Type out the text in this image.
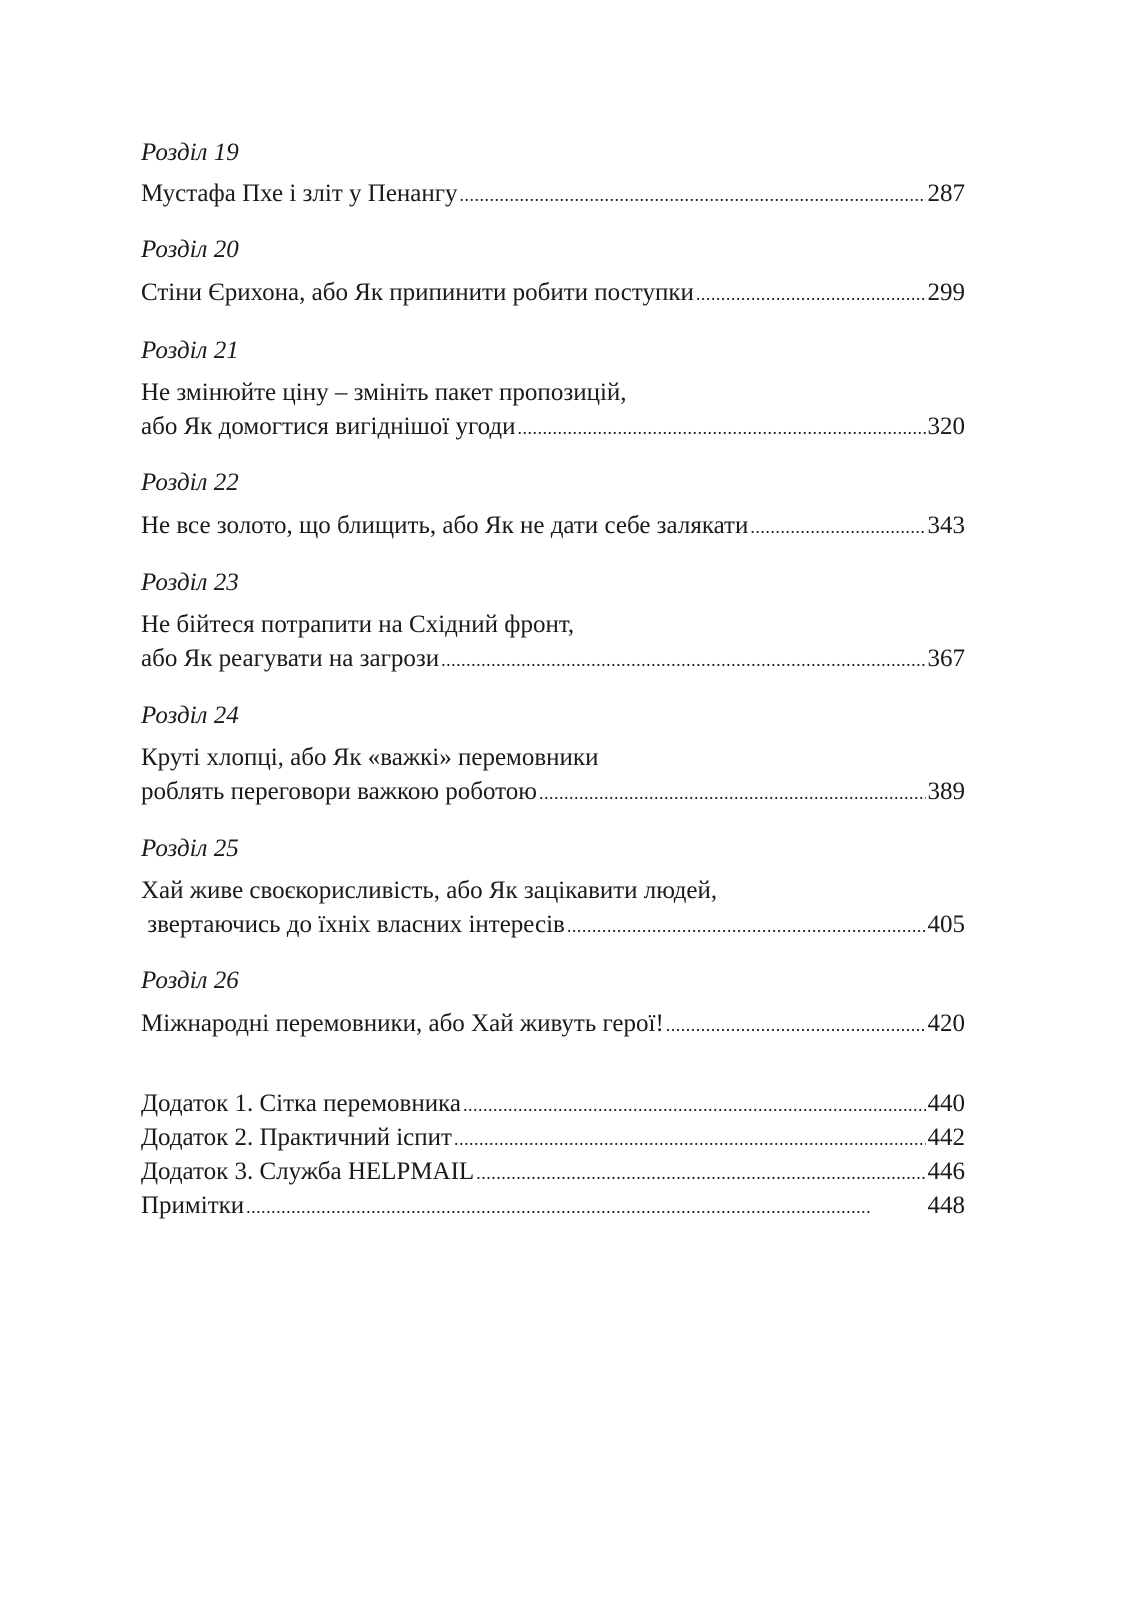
Розділ 19
Мустафа Пхе і зліт у Пенангу . . .	287
Розділ 20
Стіни Єрихона, або Як припинити робити поступки . . .	299
Розділ 21
Не змінюйте ціну – змініть пакет пропозицій,
або Як домогтися вигіднішої угоди . . .	320
Розділ 22
Не все золото, що блищить, або Як не дати себе залякати . . .	343
Розділ 23
Не бійтеся потрапити на Східний фронт,
або Як реагувати на загрози . . .	367
Розділ 24
Круті хлопці, або Як «важкі» перемовники
роблять переговори важкою роботою . . .	389
Розділ 25
Хай живе своєкорисливість, або Як зацікавити людей,
звертаючись до їхніх власних інтересів . . .	405
Розділ 26
Міжнародні перемовники, або Хай живуть герої! . . .	420
Додаток 1. Сітка перемовника . . .	440
Додаток 2. Практичний іспит . . .	442
Додаток 3. Служба HELPMAIL . . .	446
Примітки . . .	448
